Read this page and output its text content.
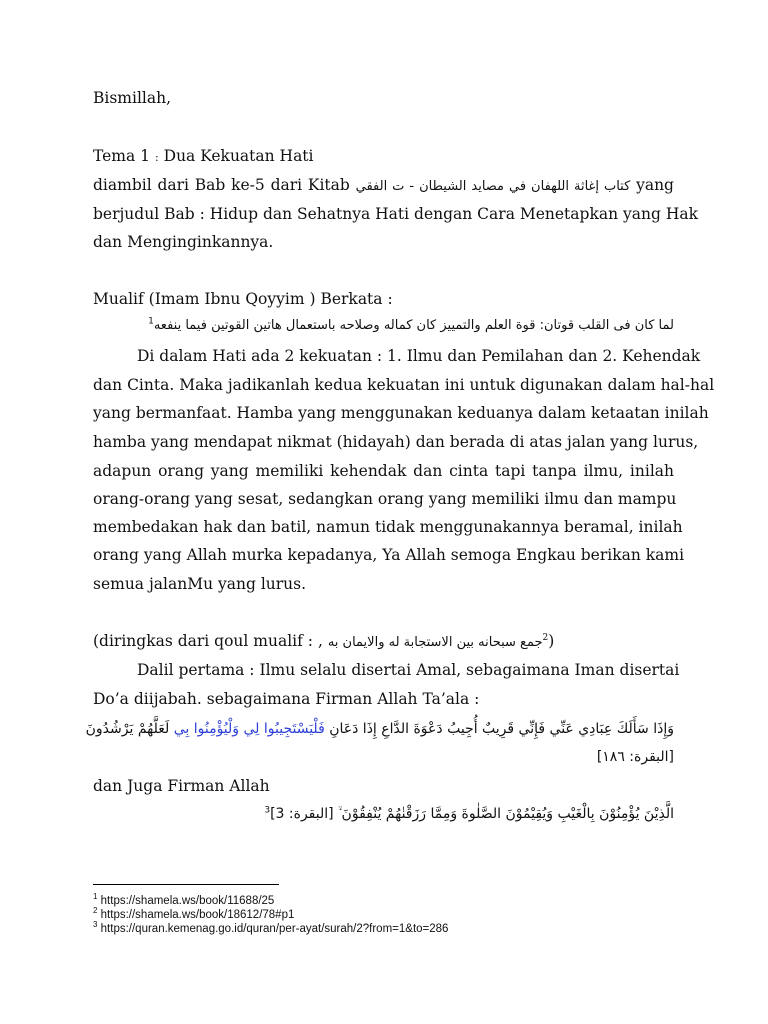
Bismillah,
Tema 1 : Dua Kekuatan Hati
diambil dari Bab ke-5 dari Kitab كتاب إغاثة اللهفان في مصايد الشيطان - ت الفقي yang
berjudul Bab : Hidup dan Sehatnya Hati dengan Cara Menetapkan yang Hak
dan Menginginkannya.
Mualif (Imam Ibnu Qoyyim ) Berkata :
لما كان فى القلب قوتان: قوة العلم والتمييز كان كماله وصلاحه باستعمال هاتين القوتين فيما ينفعه$^1$
Di dalam Hati ada 2 kekuatan : 1. Ilmu dan Pemilahan dan 2. Kehendak
dan Cinta. Maka jadikanlah kedua kekuatan ini untuk digunakan dalam hal-hal
yang bermanfaat. Hamba yang menggunakan keduanya dalam ketaatan inilah
hamba yang mendapat nikmat (hidayah) dan berada di atas jalan yang lurus,
adapun orang yang memiliki kehendak dan cinta tapi tanpa ilmu, inilah
orang-orang yang sesat, sedangkan orang yang memiliki ilmu dan mampu
membedakan hak dan batil, namun tidak menggunakannya beramal, inilah
orang yang Allah murka kepadanya, Ya Allah semoga Engkau berikan kami
semua jalanMu yang lurus.
(diringkas dari qoul mualif : , جمع سبحانه بين الاستجابة له والايمان به$^2$)
Dalil pertama : Ilmu selalu disertai Amal, sebagaimana Iman disertai
Do’a diijabah. sebagaimana Firman Allah Ta’ala :
وَإِذَا سَأَلَكَ عِبَادِي عَنِّي فَإِنِّي قَرِيبٌ أُجِيبُ دَعْوَةَ الدَّاعِ إِذَا دَعَانِ فَلْيَسْتَجِيبُوا لِي وَلْيُؤْمِنُوا بِي لَعَلَّهُمْ يَرْشُدُونَ
[البقرة: ١٨٦]
dan Juga Firman Allah
الَّذِيْنَ يُؤْمِنُوْنَ بِالْغَيْبِ وَيُقِيْمُوْنَ الصَّلٰوةَ وَمِمَّا رَزَقْنٰهُمْ يُنْفِقُوْنَ ۙ [البقرة: 3]$^3$
$^1$ https://shamela.ws/book/11688/25
$^2$ https://shamela.ws/book/18612/78#p1
$^3$ https://quran.kemenag.go.id/quran/per-ayat/surah/2?from=1&to=286
